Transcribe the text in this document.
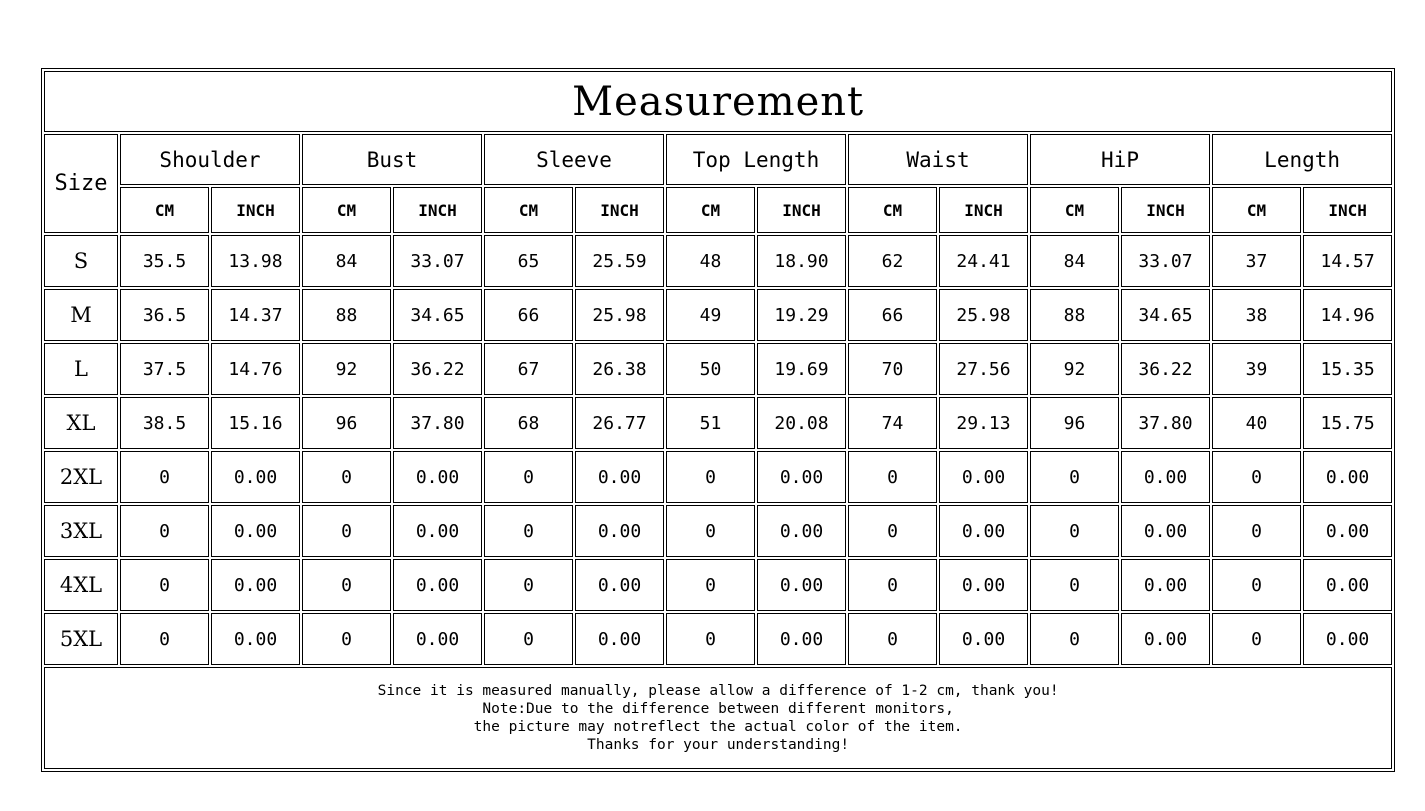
Measurement														
Size	Shoulder		Bust		Sleeve		Top Length		Waist		HiP		Length	
	CM	INCH	CM	INCH	CM	INCH	CM	INCH	CM	INCH	CM	INCH	CM	INCH
S	35.5	13.98	84	33.07	65	25.59	48	18.90	62	24.41	84	33.07	37	14.57
M	36.5	14.37	88	34.65	66	25.98	49	19.29	66	25.98	88	34.65	38	14.96
L	37.5	14.76	92	36.22	67	26.38	50	19.69	70	27.56	92	36.22	39	15.35
XL	38.5	15.16	96	37.80	68	26.77	51	20.08	74	29.13	96	37.80	40	15.75
2XL	0	0.00	0	0.00	0	0.00	0	0.00	0	0.00	0	0.00	0	0.00
3XL	0	0.00	0	0.00	0	0.00	0	0.00	0	0.00	0	0.00	0	0.00
4XL	0	0.00	0	0.00	0	0.00	0	0.00	0	0.00	0	0.00	0	0.00
5XL	0	0.00	0	0.00	0	0.00	0	0.00	0	0.00	0	0.00	0	0.00

Since it is measured manually, please allow a difference of 1-2 cm, thank you!
Note:Due to the difference between different monitors,
the picture may notreflect the actual color of the item.
Thanks for your understanding!														
